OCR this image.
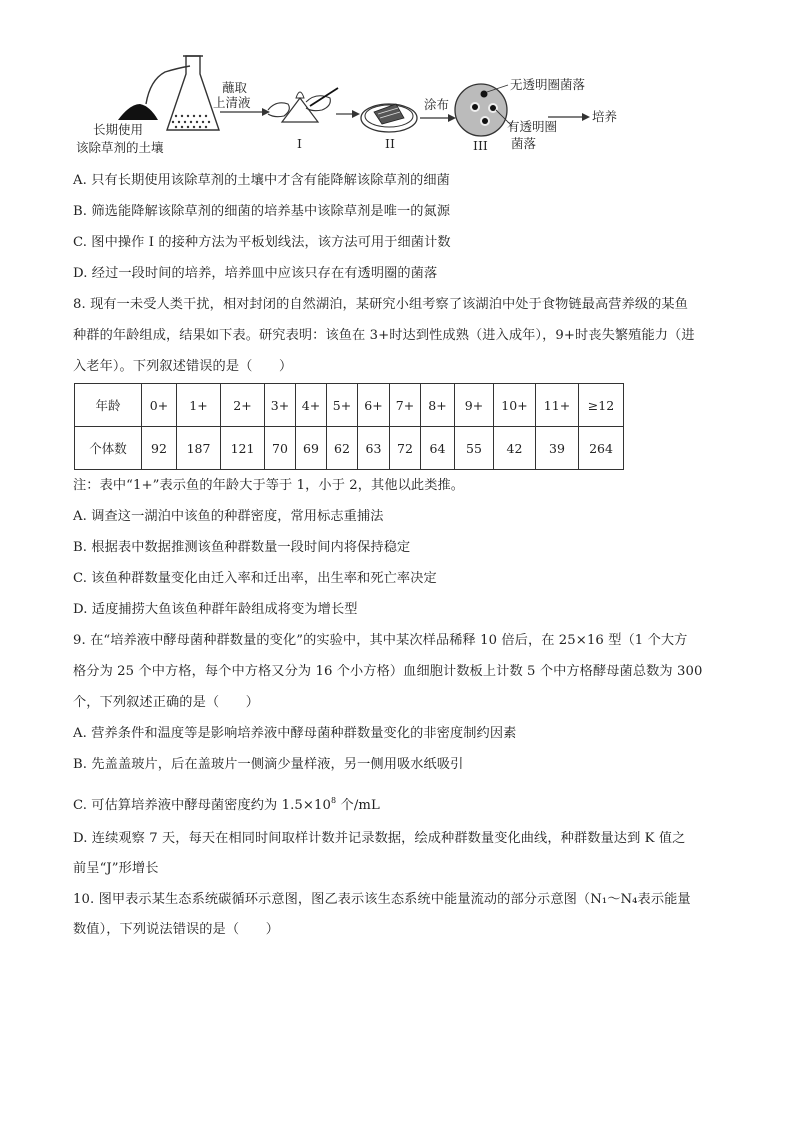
长期使用
该除草剂的土壤
蘸取
上清液
I	II
涂布
III
无透明圈菌落
有透明圈
菌落
培养
A. 只有长期使用该除草剂的土壤中才含有能降解该除草剂的细菌
B. 筛选能降解该除草剂的细菌的培养基中该除草剂是唯一的氮源
C. 图中操作 I 的接种方法为平板划线法，该方法可用于细菌计数
D. 经过一段时间的培养，培养皿中应该只存在有透明圈的菌落
8. 现有一未受人类干扰，相对封闭的自然湖泊，某研究小组考察了该湖泊中处于食物链最高营养级的某鱼
种群的年龄组成，结果如下表。研究表明：该鱼在 3+时达到性成熟（进入成年），9+时丧失繁殖能力（进
入老年）。下列叙述错误的是（　　）
年龄	0+	1+	2+	3+	4+	5+	6+	7+	8+	9+	10+	11+	≥12
个体数	92	187	121	70	69	62	63	72	64	55	42	39	264
注：表中“1+”表示鱼的年龄大于等于 1，小于 2，其他以此类推。
A. 调查这一湖泊中该鱼的种群密度，常用标志重捕法
B. 根据表中数据推测该鱼种群数量一段时间内将保持稳定
C. 该鱼种群数量变化由迁入率和迁出率，出生率和死亡率决定
D. 适度捕捞大鱼该鱼种群年龄组成将变为增长型
9. 在“培养液中酵母菌种群数量的变化”的实验中，其中某次样品稀释 10 倍后，在 25×16 型（1 个大方
格分为 25 个中方格，每个中方格又分为 16 个小方格）血细胞计数板上计数 5 个中方格酵母菌总数为 300
个，下列叙述正确的是（　　）
A. 营养条件和温度等是影响培养液中酵母菌种群数量变化的非密度制约因素
B. 先盖盖玻片，后在盖玻片一侧滴少量样液，另一侧用吸水纸吸引
C. 可估算培养液中酵母菌密度约为 $1.5\times 10^8$ 个/mL
D. 连续观察 7 天，每天在相同时间取样计数并记录数据，绘成种群数量变化曲线，种群数量达到 K 值之
前呈“J”形增长
10. 图甲表示某生态系统碳循环示意图，图乙表示该生态系统中能量流动的部分示意图（N₁～N₄表示能量
数值），下列说法错误的是（　　）
